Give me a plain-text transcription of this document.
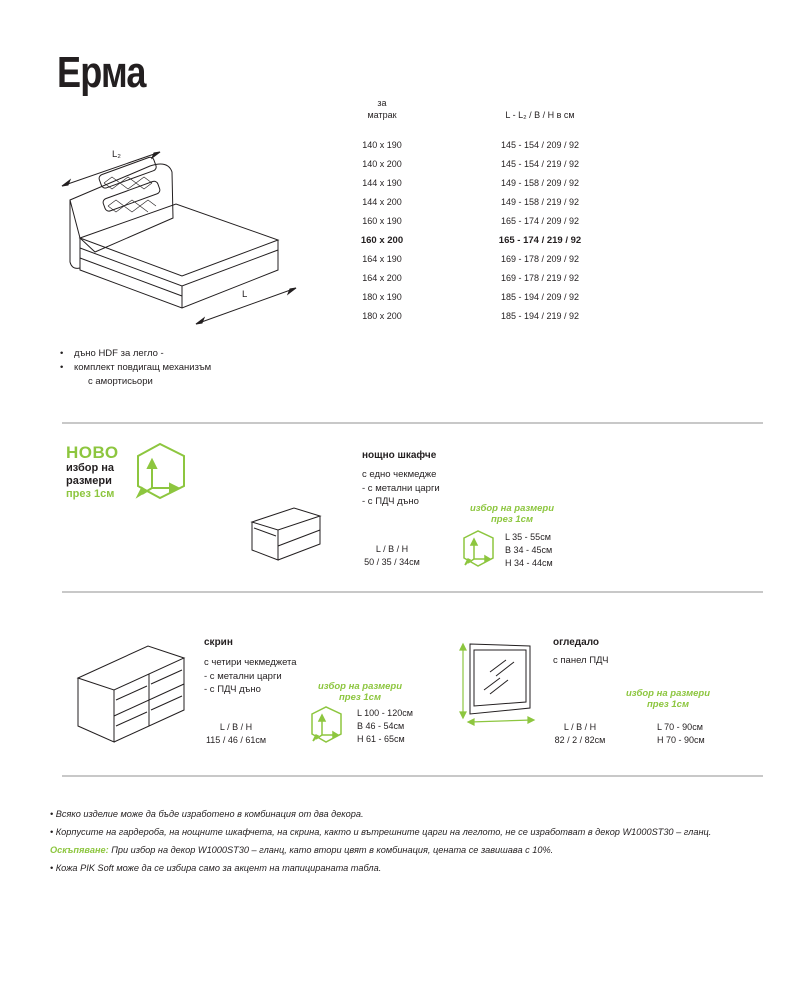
Ерма
L₂
L
за
матрак	L - L₂ / B / H в см
140 x 190
140 x 200
144 x 190
144 x 200
160 x 190
160 x 200
164 x 190
164 x 200
180 x 190
180 x 200
145 - 154 / 209 / 92
145 - 154 / 219 / 92
149 - 158 / 209 / 92
149 - 158 / 219 / 92
165 - 174 / 209 / 92
165 - 174 / 219 / 92
169 - 178 / 209 / 92
169 - 178 / 219 / 92
185 - 194 / 209 / 92
185 - 194 / 219 / 92
• дъно HDF за легло -
• комплект повдигащ механизъм
с амортисьори
НОВО
избор на
размери
през 1см
нощно шкафче
с едно чекмедже
- с метални царги
- с ПДЧ дъно
L / B / H
50 / 35 / 34см
избор на размери
през 1см
L 35 - 55см
B 34 - 45см
H 34 - 44см
скрин
с четири чекмеджета
- с метални царги
- с ПДЧ дъно
L / B / H
115 / 46 / 61см
избор на размери
през 1см
L 100 - 120см
B 46 - 54см
H 61 - 65см
огледало
с панел ПДЧ
L / B / H
82 / 2 / 82см
избор на размери
през 1см
L 70 - 90см
H 70 - 90см
• Всяко изделие може да бъде изработено в комбинация от два декора.
• Корпусите на гардероба, на нощните шкафчета, на скрина, както и вътрешните царги на леглото, не се изработват в декор W1000ST30 – гланц.
Оскъпяване: При избор на декор W1000ST30 – гланц, като втори цвят в комбинация, цената се завишава с 10%.
• Кожа PIK Soft може да се избира само за акцент на тапицираната табла.
